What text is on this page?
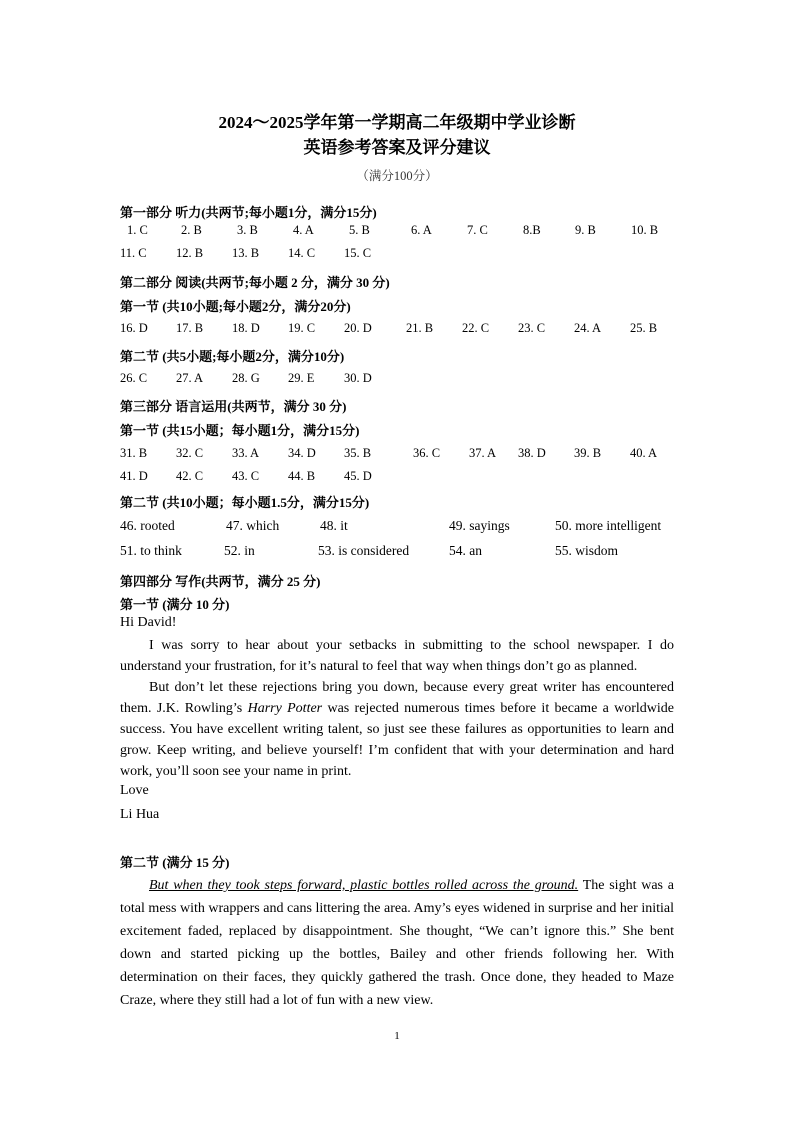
2024～2025学年第一学期高二年级期中学业诊断
英语参考答案及评分建议
（满分100分）
第一部分 听力(共两节;每小题1分，满分15分)
1. C	2. B	3. B	4. A	5. B	6. A	7. C	8.B	9. B	10. B
11. C 12. B 13. B 14. C 15. C
第二部分 阅读(共两节;每小题 2 分，满分 30 分)
第一节 (共10小题;每小题2分，满分20分)
16. D 17. B 18. D 19. C 20. D	21. B 22. C 23. C 24. A 25. B
第二节 (共5小题;每小题2分，满分10分)
26. C 27. A 28. G 29. E 30. D
第三部分 语言运用(共两节，满分 30 分)
第一节 (共15小题；每小题1分，满分15分)
31. B 32. C 33. A 34. D 35. B	36. C 37. A 38. D 39. B 40. A
41. D 42. C 43. C 44. B 45. D
第二节 (共10小题；每小题1.5分，满分15分)
46. rooted	47. which	48. it	49. sayings	50. more intelligent
51. to think	52. in	53. is considered	54. an	55. wisdom
第四部分 写作(共两节，满分 25 分)
第一节 (满分 10 分)
Hi David!
I was sorry to hear about your setbacks in submitting to the school newspaper. I do understand your frustration, for it’s natural to feel that way when things don’t go as planned.
But don’t let these rejections bring you down, because every great writer has encountered them. J.K. Rowling’s Harry Potter was rejected numerous times before it became a worldwide success. You have excellent writing talent, so just see these failures as opportunities to learn and grow. Keep writing, and believe yourself! I’m confident that with your determination and hard work, you’ll soon see your name in print.
Love
Li Hua
第二节 (满分 15 分)
But when they took steps forward, plastic bottles rolled across the ground. The sight was a total mess with wrappers and cans littering the area. Amy’s eyes widened in surprise and her initial excitement faded, replaced by disappointment. She thought, “We can’t ignore this.” She bent down and started picking up the bottles, Bailey and other friends following her. With determination on their faces, they quickly gathered the trash. Once done, they headed to Maze Craze, where they still had a lot of fun with a new view.
1
